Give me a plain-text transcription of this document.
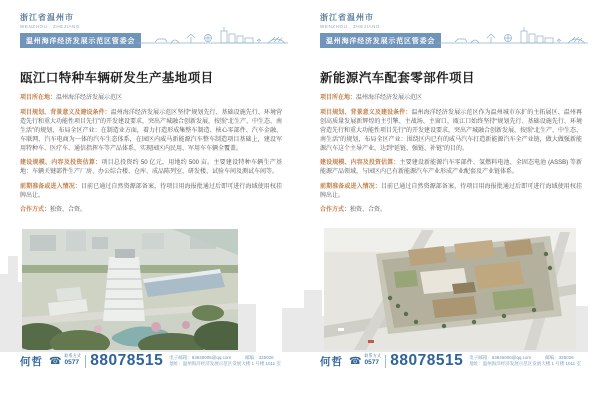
浙江省温州市
WENZHOU , ZHEJIANG
温州海洋经济发展示范区管委会
瓯江口特种车辆研发生产基地项目

项目所在地：温州海洋经济发展示范区

项目规划、背景意义及建设条件：温州海洋经济发展示范区坚持“规划先行、基础设施先行、环境营造先行和重大功能性项目先行”的开发建设要求，突出产城融合创新发展，按照“北生产、中生态、南生活”的规划，布局全区产业：在制造业方面，着力打造形成集整车制造、核心零部件、汽车金融、车联网、汽车电商为一体的汽车生态体系，在园区内威马新能源汽车整车制造项目基础上，建设军用特种车、医疗车、通信指挥车等产品体系，实现园区内民用、军用车车辆全覆盖。

建设规模、内容及投资估算：项目总投资约 50 亿元，用地约 500 亩。主要建设特种车辆生产基地：车辆关键部件生产厂房、办公综合楼、仓库、成品陈列室、研发楼、试验车间及测试车间等。

前期准备或进入情况：目前已通过自然资源部备案，待项目用海报批通过后即可进行海域使用权挂牌出让。

合作方式：独资、合资。

何哲 ☎ 联系方式
0577 88078515 电子邮箱：63846006@qq.com	邮编：325026
地址：温州海洋经济发展示范区发展大楼 1 号楼 1011 室
浙江省温州市
WENZHOU , ZHEJIANG
温州海洋经济发展示范区管委会
新能源汽车配套零部件项目

项目所在地：温州海洋经济发展示范区

项目规划、背景意义及建设条件：温州海洋经济发展示范区作为温州城市东扩的主拓展区、温州再创高质量发展新辉煌的主引擎、主战场、主窗口，瓯江口始终坚持“规划先行、基础设施先行、环境营造先行和重大功能性项目先行”的开发建设要求，突出产城融合创新发展，按照“北生产、中生态、南生活”的规划，布局全区产业：围绕区内已有的威马汽车打造新能源汽车全产业链，做大做强新能源汽车这个主导产业，达到“延链、强链、补链”的目的。

建设规模、内容及投资估算：主要建设新能源汽车零部件、氢燃料电池、全固态电池 (ASSB) 等新能源产品领域，与园区内已有新能源汽车产业形成产业配套及产业链体系。

前期准备或进入情况：目前已通过自然资源部备案，待项目用海报批通过后即可进行海域使用权挂牌出让。

合作方式：独资、合资。

何哲 ☎ 联系方式
0577 88078515 电子邮箱：63846006@qq.com	邮编：325026
地址：温州海洋经济发展示范区发展大楼 1 号楼 1011 室
